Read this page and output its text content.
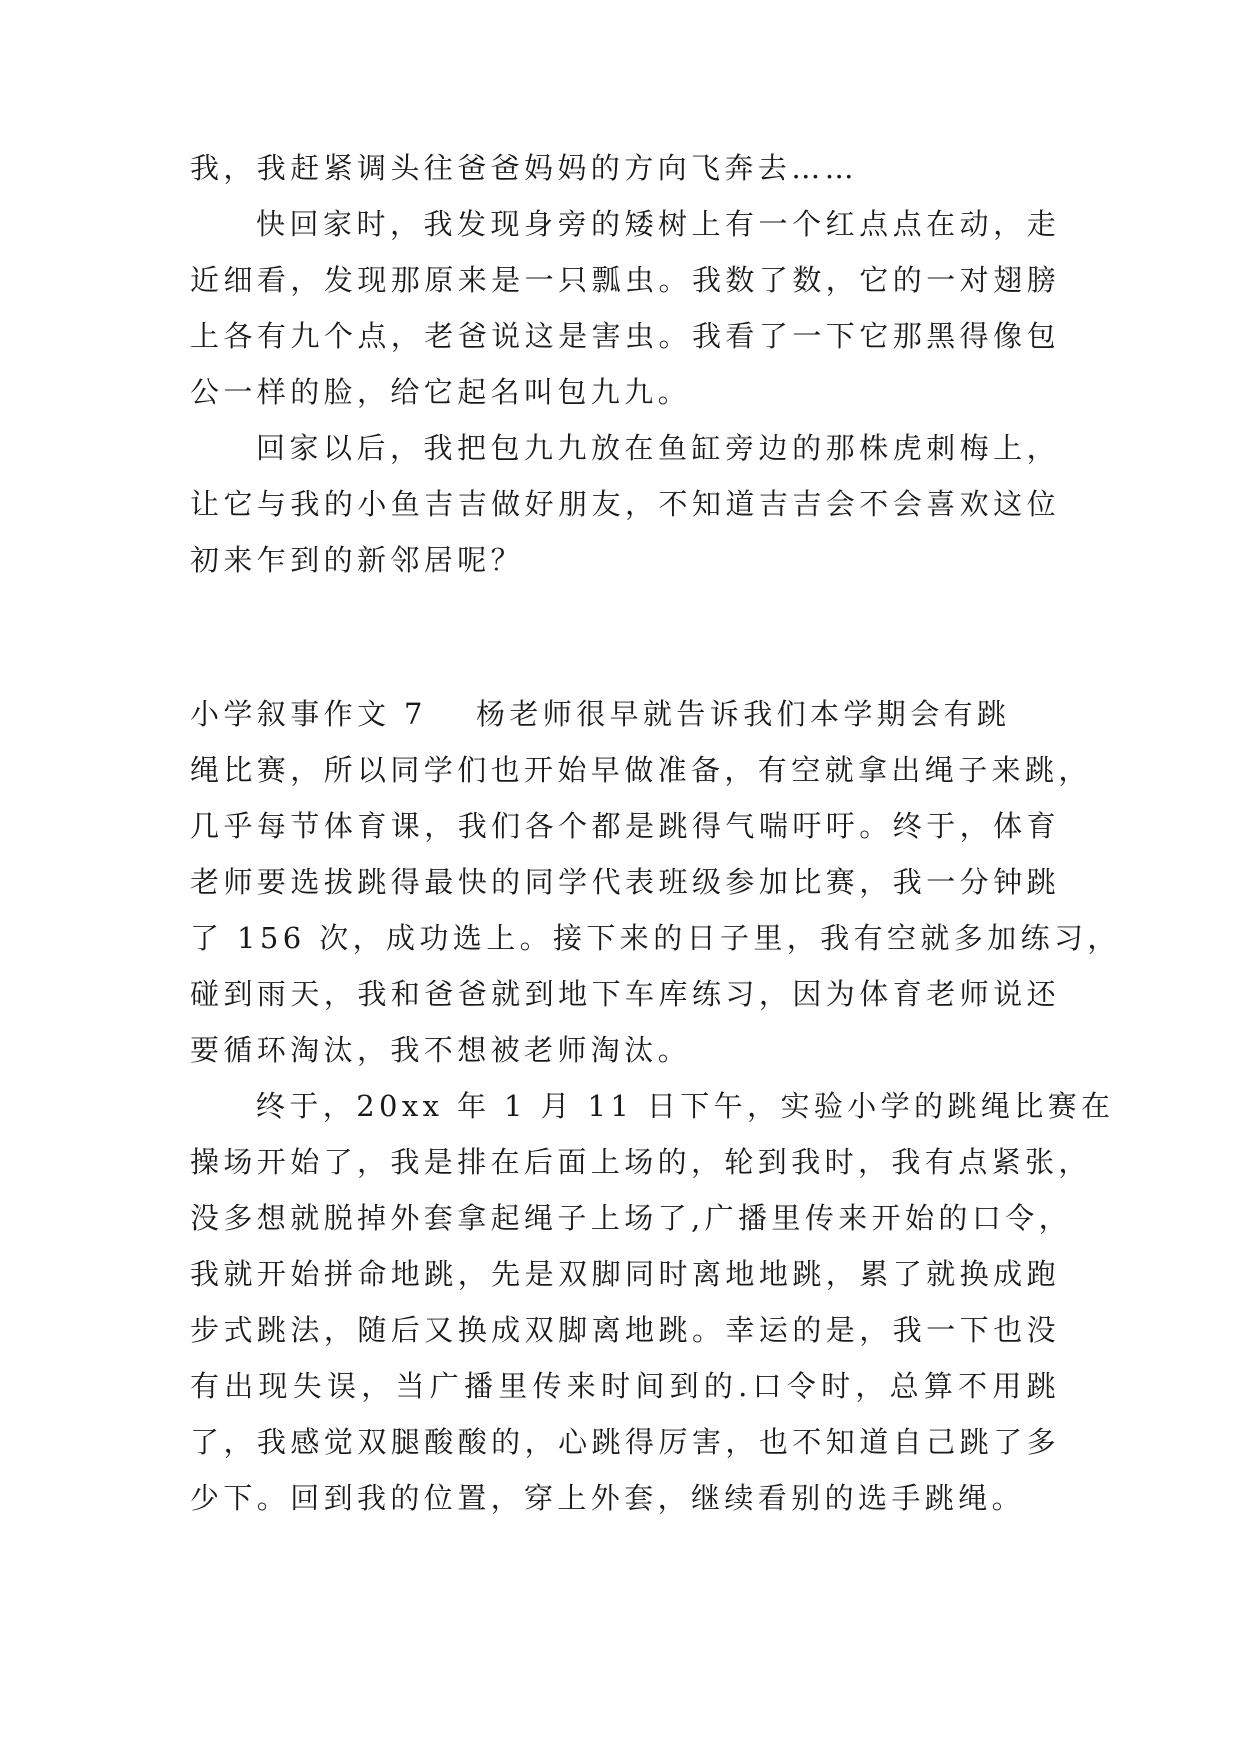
我，我赶紧调头往爸爸妈妈的方向飞奔去……
快回家时，我发现身旁的矮树上有一个红点点在动，走
近细看，发现那原来是一只瓢虫。我数了数，它的一对翅膀
上各有九个点，老爸说这是害虫。我看了一下它那黑得像包
公一样的脸，给它起名叫包九九。
回家以后，我把包九九放在鱼缸旁边的那株虎刺梅上，
让它与我的小鱼吉吉做好朋友，不知道吉吉会不会喜欢这位
初来乍到的新邻居呢？
小学叙事作文 7 杨老师很早就告诉我们本学期会有跳
绳比赛，所以同学们也开始早做准备，有空就拿出绳子来跳，
几乎每节体育课，我们各个都是跳得气喘吁吁。终于，体育
老师要选拔跳得最快的同学代表班级参加比赛，我一分钟跳
了 156 次，成功选上。接下来的日子里，我有空就多加练习，
碰到雨天，我和爸爸就到地下车库练习，因为体育老师说还
要循环淘汰，我不想被老师淘汰。
终于，20xx 年 1 月 11 日下午，实验小学的跳绳比赛在
操场开始了，我是排在后面上场的，轮到我时，我有点紧张，
没多想就脱掉外套拿起绳子上场了,广播里传来开始的口令，
我就开始拼命地跳，先是双脚同时离地地跳，累了就换成跑
步式跳法，随后又换成双脚离地跳。幸运的是，我一下也没
有出现失误，当广播里传来时间到的.口令时，总算不用跳
了，我感觉双腿酸酸的，心跳得厉害，也不知道自己跳了多
少下。回到我的位置，穿上外套，继续看别的选手跳绳。
